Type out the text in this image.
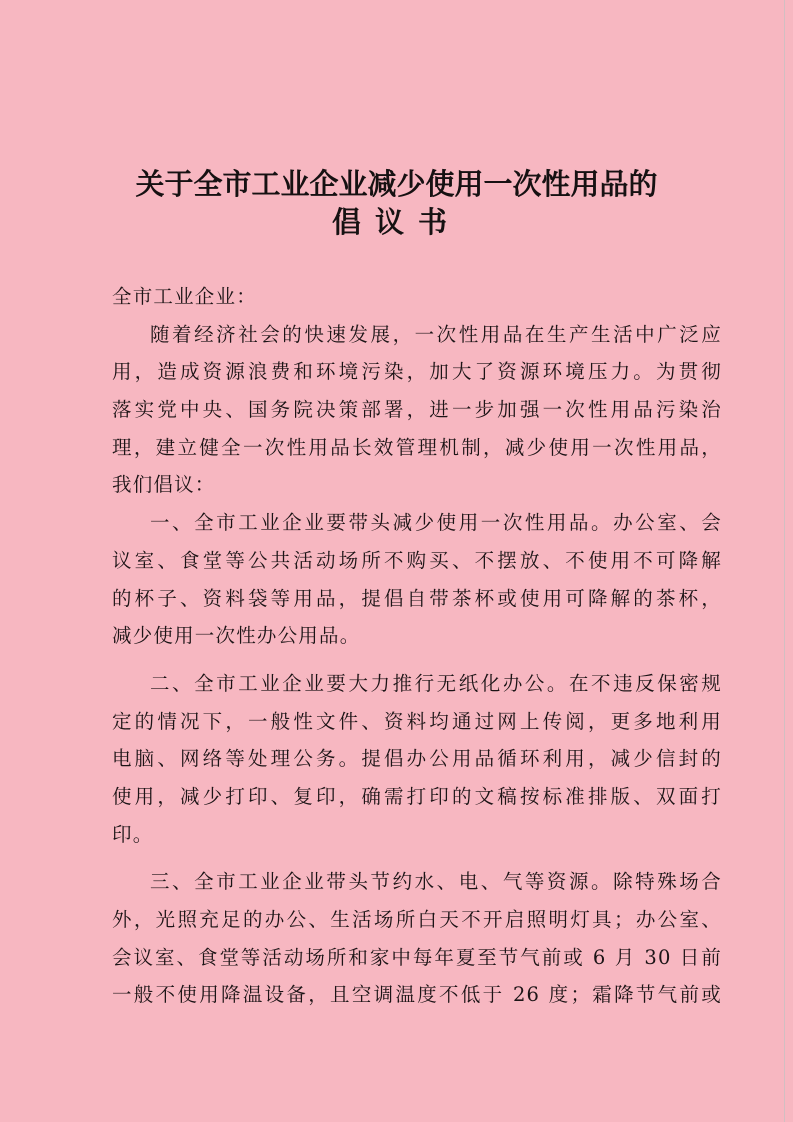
关于全市工业企业减少使用一次性用品的
倡议书
全市工业企业：
随着经济社会的快速发展，一次性用品在生产生活中广泛应
用，造成资源浪费和环境污染，加大了资源环境压力。为贯彻
落实党中央、国务院决策部署，进一步加强一次性用品污染治
理，建立健全一次性用品长效管理机制，减少使用一次性用品，
我们倡议：
一、全市工业企业要带头减少使用一次性用品。办公室、会
议室、食堂等公共活动场所不购买、不摆放、不使用不可降解
的杯子、资料袋等用品，提倡自带茶杯或使用可降解的茶杯，
减少使用一次性办公用品。
二、全市工业企业要大力推行无纸化办公。在不违反保密规
定的情况下，一般性文件、资料均通过网上传阅，更多地利用
电脑、网络等处理公务。提倡办公用品循环利用，减少信封的
使用，减少打印、复印，确需打印的文稿按标准排版、双面打
印。
三、全市工业企业带头节约水、电、气等资源。除特殊场合
外，光照充足的办公、生活场所白天不开启照明灯具；办公室、
会议室、食堂等活动场所和家中每年夏至节气前或 6 月 30 日前
一般不使用降温设备，且空调温度不低于 26 度；霜降节气前或
